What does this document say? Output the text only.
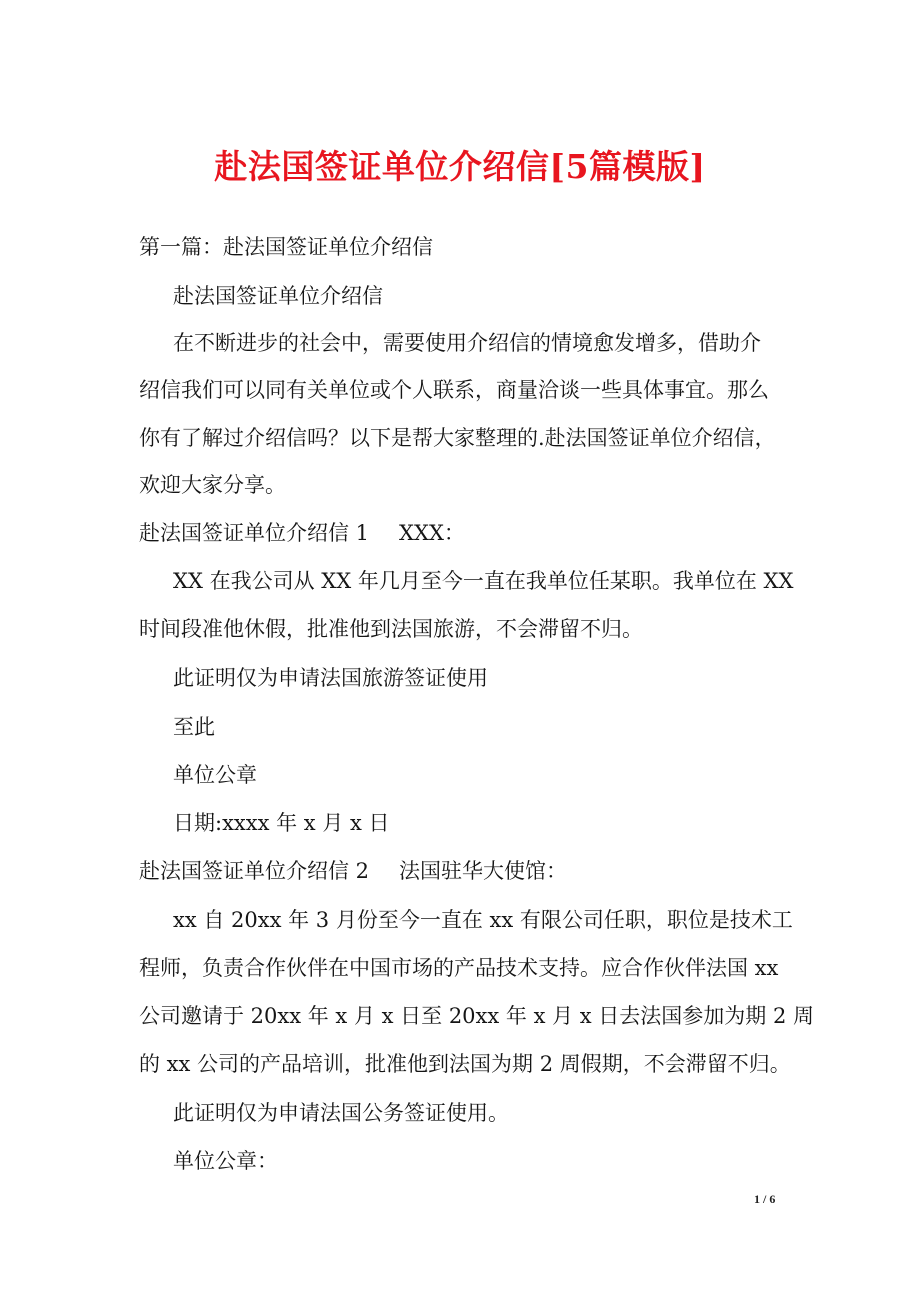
赴法国签证单位介绍信[5篇模版]
第一篇：赴法国签证单位介绍信
赴法国签证单位介绍信
在不断进步的社会中，需要使用介绍信的情境愈发增多，借助介
绍信我们可以同有关单位或个人联系，商量洽谈一些具体事宜。那么
你有了解过介绍信吗？以下是帮大家整理的.赴法国签证单位介绍信，
欢迎大家分享。
赴法国签证单位介绍信 1 XXX：
XX 在我公司从 XX 年几月至今一直在我单位任某职。我单位在 XX
时间段准他休假，批准他到法国旅游，不会滞留不归。
此证明仅为申请法国旅游签证使用
至此
单位公章
日期:xxxx 年 x 月 x 日
赴法国签证单位介绍信 2 法国驻华大使馆：
xx 自 20xx 年 3 月份至今一直在 xx 有限公司任职，职位是技术工
程师，负责合作伙伴在中国市场的产品技术支持。应合作伙伴法国 xx
公司邀请于 20xx 年 x 月 x 日至 20xx 年 x 月 x 日去法国参加为期 2 周
的 xx 公司的产品培训，批准他到法国为期 2 周假期，不会滞留不归。
此证明仅为申请法国公务签证使用。
单位公章：
1 / 6
